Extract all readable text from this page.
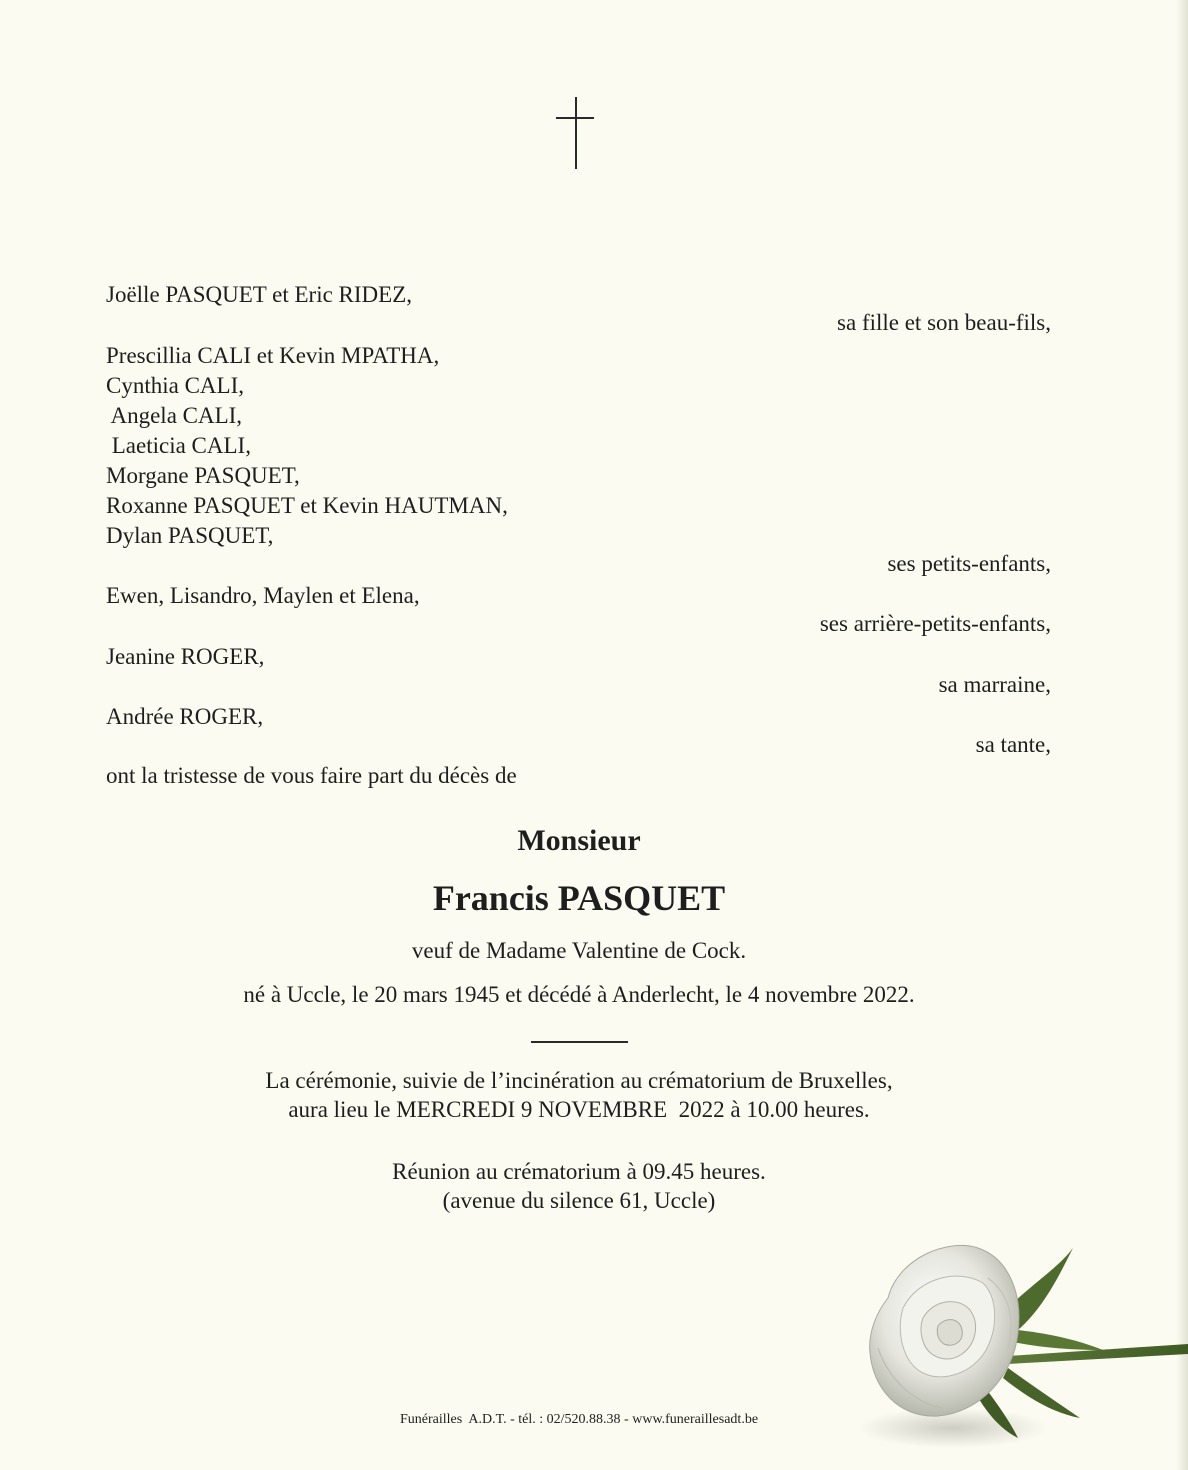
Joëlle PASQUET et Eric RIDEZ,
sa fille et son beau-fils,
Prescillia CALI et Kevin MPATHA,
Cynthia CALI,
Angela CALI,
Laeticia CALI,
Morgane PASQUET,
Roxanne PASQUET et Kevin HAUTMAN,
Dylan PASQUET,
ses petits-enfants,
Ewen, Lisandro, Maylen et Elena,
ses arrière-petits-enfants,
Jeanine ROGER,
sa marraine,
Andrée ROGER,
sa tante,
ont la tristesse de vous faire part du décès de
Monsieur
Francis PASQUET
veuf de Madame Valentine de Cock.
né à Uccle, le 20 mars 1945 et décédé à Anderlecht, le 4 novembre 2022.
La cérémonie, suivie de l’incinération au crématorium de Bruxelles,
aura lieu le MERCREDI 9 NOVEMBRE  2022 à 10.00 heures.
Réunion au crématorium à 09.45 heures.
(avenue du silence 61, Uccle)
Funérailles  A.D.T. - tél. : 02/520.88.38 - www.funeraillesadt.be
